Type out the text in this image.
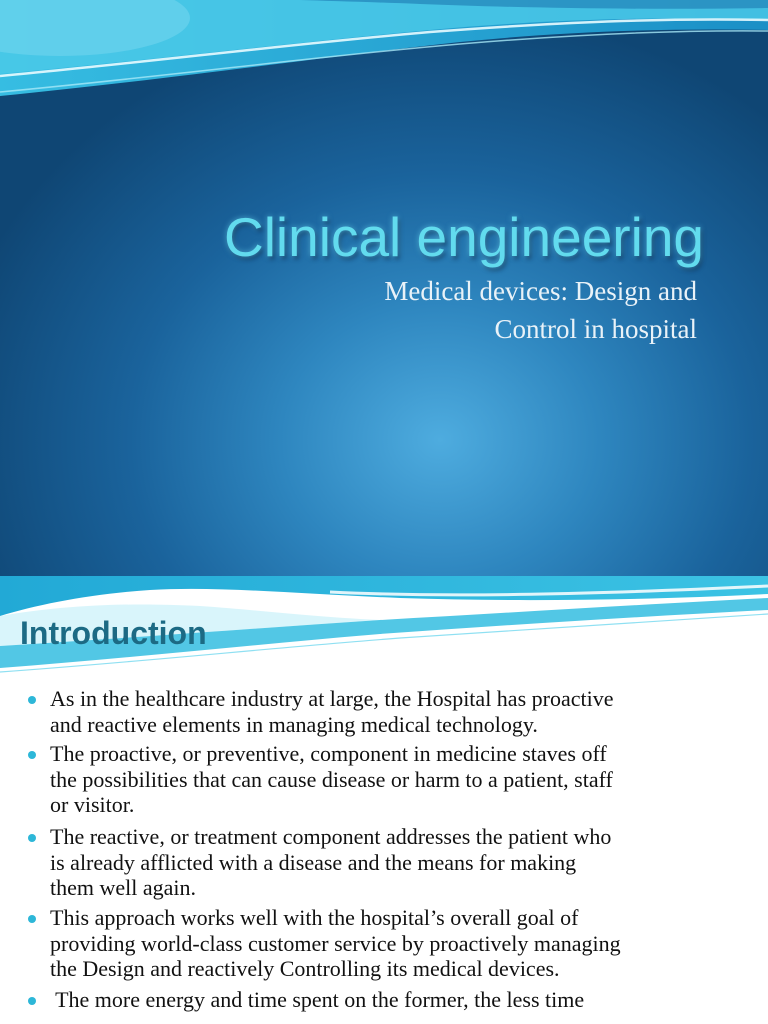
Clinical engineering
Medical devices: Design and
Control in hospital
Introduction
As in the healthcare industry at large, the Hospital has proactive
and reactive elements in managing medical technology.
The proactive, or preventive, component in medicine staves off
the possibilities that can cause disease or harm to a patient, staff
or visitor.
The reactive, or treatment component addresses the patient who
is already afflicted with a disease and the means for making
them well again.
This approach works well with the hospital’s overall goal of
providing world-class customer service by proactively managing
the Design and reactively Controlling its medical devices.
The more energy and time spent on the former, the less time
